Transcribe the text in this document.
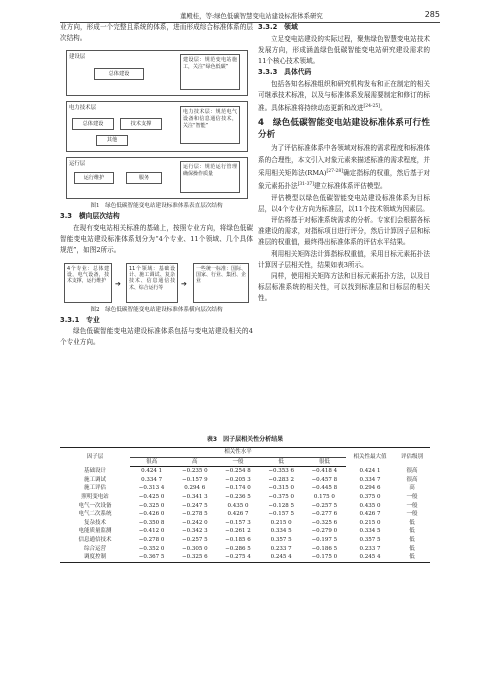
董殿桂，等:绿色低碳智慧变电站建设标准体系研究	285

业方向，形成一个完整且系统的体系，进而形成综合标准体系的层次结构。

建设层
总体建设
建设层：规范变电站施工，关注“绿色低碳”
电力技术层
总体建设	技术支撑
其他
电力技术层：规范电气设备和信息通信技术，关注“智能”
运行层
运行维护	服务
运行层：规范运行管理确保操作质量

图1　绿色低碳智能变电站建设标准体系表直层次结构

3.3　横向层次结构

在现有变电站相关标准的基础上，按照专业方向，将绿色低碳智能变电站建设标准体系划分为“4个专业、11个领域、几个具体规范”，如图2所示。

4个专业：总体建设，电气设备，技术支撑，运行维护	➔
11个领域：基础设计、施工调试、复杂技术、信息通信技术、综合运行等
➔
一些统一标准：国际、国家、行业、集团、企业

图2　绿色低碳智能变电站建设标准体系横向层次结构

3.3.1　专业

绿色低碳智能变电站建设标准体系包括与变电站建设相关的4个专业方向。

3.3.2　领域

立足变电站建设的实际过程，聚焦绿色智慧变电站技术发展方向，形成涵盖绿色低碳智能变电站研究建设需求的11个核心技术领域。

3.3.3　具体代码

包括各知名标准组织和研究机构发布和正在制定的相关可继承技术标准，以及与标准体系发展需要制定和修订的标准。具体标准将持续动态更新和改进[24-25]。

4　绿色低碳智能变电站建设标准体系可行性分析

为了评估标准体系中各领域对标准的需求程度和标准体系的合理性，本文引入对象元素来描述标准的需求程度，并采用相关矩阵法(RMA)[27-28]确定指标的权重，然后基于对象元素拓扑法[31-37]建立标准体系评估模型。

评估模型以绿色低碳智能变电站建设标准体系为目标层，以4个专业方向为标准层，以11个技术领域为因素层。

评估将基于对标准系统需求的分析。专家们会根据各标准建设的需求，对指标项目进行评分，然后计算因子层和标准层的权重值，最终得出标准体系的评估水平结果。

利用相关矩阵法计算指标权重值，采用目标元素拓扑法计算因子层相关性，结果如表3所示。

同样，使用相关矩阵方法和目标元素拓扑方法，以及目标层标准系统的相关性，可以找到标准层和目标层的相关性。

表3　因子层相关性分析结果
因子层	相关性水平					相关性最大值	评估级别
	很高	高	一般	低	很低		
基础设计	0.424 1	−0.235 0	−0.254 8	−0.353 6	−0.418 4	0.424 1	很高
施工调试	0.334 7	−0.157 9	−0.205 3	−0.283 2	−0.457 8	0.334 7	很高
施工评估	−0.313 4	0.294 6	−0.174 0	−0.315 0	−0.445 8	0.294 6	高
照明变电站	−0.425 0	−0.341 3	−0.236 5	−0.375 0	0.175 0	0.375 0	一般
电气一次设备	−0.325 0	−0.247 5	0.435 0	−0.128 5	−0.257 5	0.435 0	一般
电气二次系统	−0.426 0	−0.278 5	0.426 7	−0.157 5	−0.277 6	0.426 7	一般
复杂技术	−0.350 8	−0.242 0	−0.157 3	0.215 0	−0.325 6	0.215 0	低
电能质量监测	−0.412 0	−0.342 3	−0.261 2	0.334 5	−0.279 0	0.334 5	低
信息通信技术	−0.278 0	−0.257 5	−0.185 6	0.357 5	−0.197 5	0.357 5	低
综合运营	−0.352 0	−0.305 0	−0.286 5	0.233 7	−0.186 5	0.233 7	低
调度控制	−0.367 5	−0.325 6	−0.275 4	0.245 4	−0.175 0	0.245 4	低
